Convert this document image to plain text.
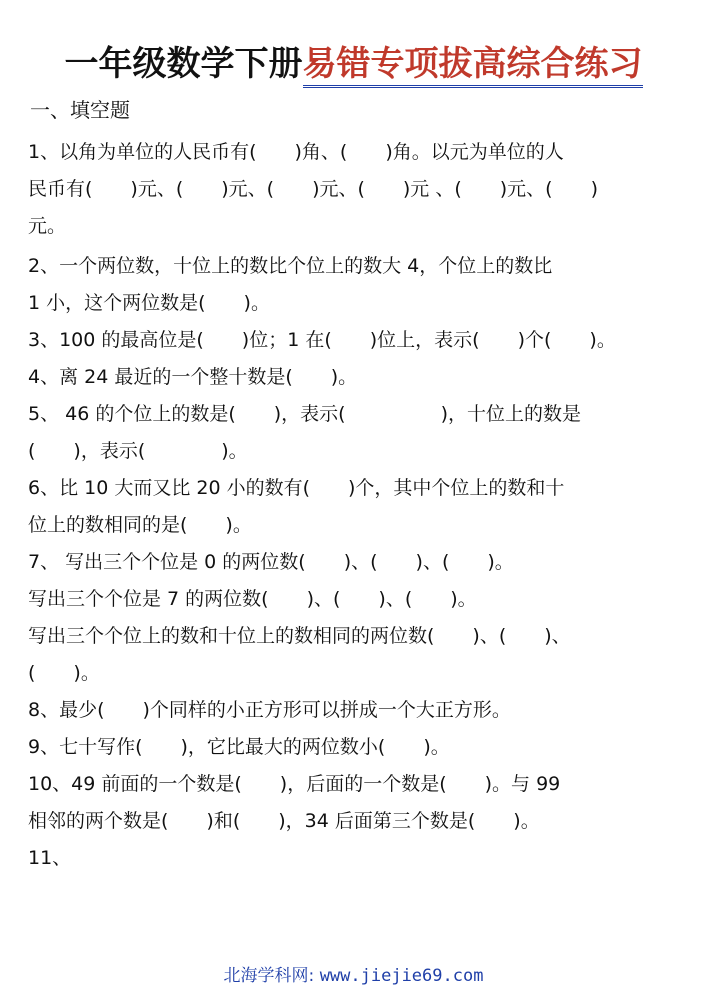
一年级数学下册易错专项拔高综合练习
一、填空题
1、以角为单位的人民币有(　　)角、(　　)角。以元为单位的人
民币有(　　)元、(　　)元、(　　)元、(　　)元 、(　　)元、(　　)
元。
2、一个两位数，十位上的数比个位上的数大 4，个位上的数比
1 小，这个两位数是(　　)。
3、100 的最高位是(　　)位；1 在(　　)位上，表示(　　)个(　　)。
4、离 24 最近的一个整十数是(　　)。
5、 46 的个位上的数是(　　)，表示(　　　　　)，十位上的数是
(　　)，表示(　　　　)。
6、比 10 大而又比 20 小的数有(　　)个，其中个位上的数和十
位上的数相同的是(　　)。
7、 写出三个个位是 0 的两位数(　　)、(　　)、(　　)。
写出三个个位是 7 的两位数(　　)、(　　)、(　　)。
写出三个个位上的数和十位上的数相同的两位数(　　)、(　　)、
(　　)。
8、最少(　　)个同样的小正方形可以拼成一个大正方形。
9、七十写作(　　)，它比最大的两位数小(　　)。
10、49 前面的一个数是(　　)，后面的一个数是(　　)。与 99
相邻的两个数是(　　)和(　　)，34 后面第三个数是(　　)。
11、
北海学科网: www.jiejie69.com
